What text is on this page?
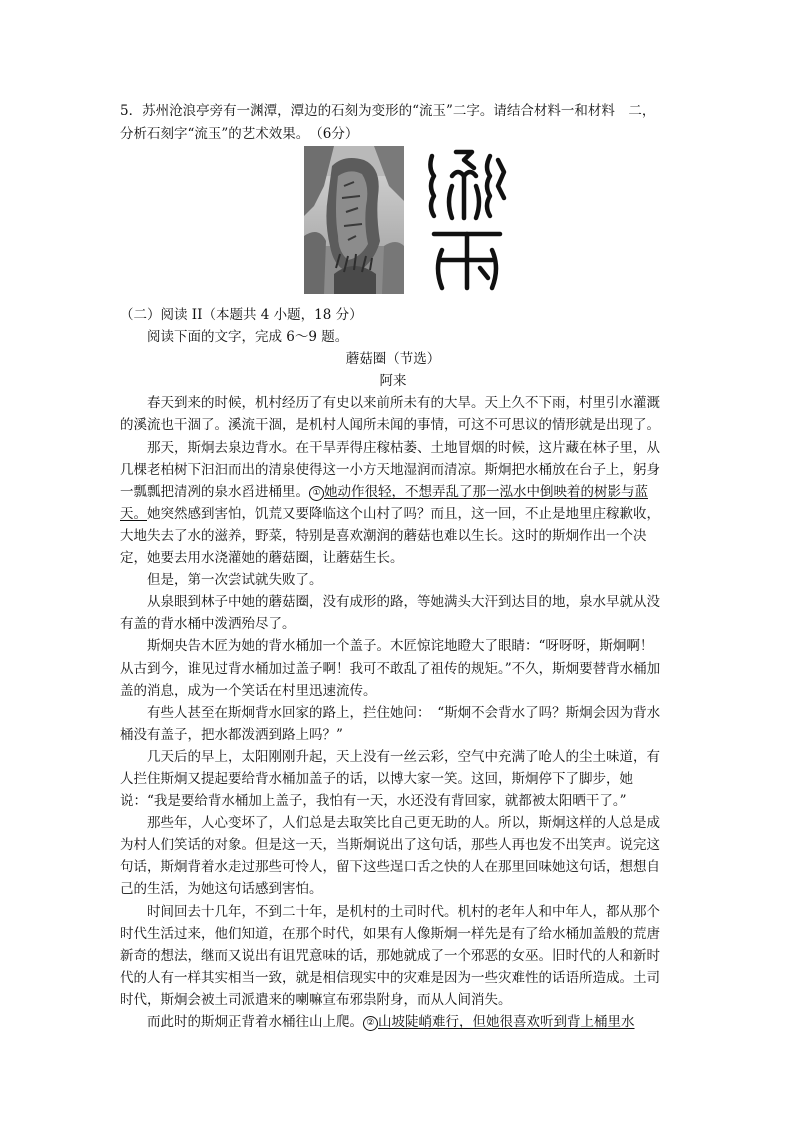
5．苏州沧浪亭旁有一渊潭，潭边的石刻为变形的“流玉”二字。请结合材料一和材料　二，
分析石刻字“流玉”的艺术效果。　（6分）

（二）阅读 II（本题共 4 小题，18 分）

阅读下面的文字，完成 6～9 题。

蘑菇圈（节选）

阿来

春天到来的时候，机村经历了有史以来前所未有的大旱。天上久不下雨，村里引水灌溉的溪流也干涸了。溪流干涸，是机村人闻所未闻的事情，可这不可思议的情形就是出现了。

那天，斯炯去泉边背水。在干旱弄得庄稼枯萎、土地冒烟的时候，这片藏在林子里，从几棵老柏树下汩汩而出的清泉使得这一小方天地湿润而清凉。斯炯把水桶放在台子上，躬身一瓢瓢把清冽的泉水舀进桶里。 ① 她动作很轻，不想弄乱了那一泓水中倒映着的树影与蓝天。她突然感到害怕，饥荒又要降临这个山村了吗？而且，这一回，不止是地里庄稼歉收，大地失去了水的滋养，野菜，特别是喜欢潮润的蘑菇也难以生长。这时的斯炯作出一个决定，她要去用水浇灌她的蘑菇圈，让蘑菇生长。

但是，第一次尝试就失败了。

从泉眼到林子中她的蘑菇圈，没有成形的路，等她满头大汗到达目的地，泉水早就从没有盖的背水桶中泼洒殆尽了。

斯炯央告木匠为她的背水桶加一个盖子。木匠惊诧地瞪大了眼睛：“呀呀呀，斯炯啊！从古到今，谁见过背水桶加过盖子啊！我可不敢乱了祖传的规矩。”不久，斯炯要替背水桶加盖的消息，成为一个笑话在村里迅速流传。

有些人甚至在斯炯背水回家的路上，拦住她问：　“斯炯不会背水了吗？斯炯会因为背水桶没有盖子，把水都泼洒到路上吗？”

几天后的早上，太阳刚刚升起，天上没有一丝云彩，空气中充满了呛人的尘土味道，有人拦住斯炯又提起要给背水桶加盖子的话，以博大家一笑。这回，斯炯停下了脚步，她说：“我是要给背水桶加上盖子，我怕有一天，水还没有背回家，就都被太阳晒干了。”

那些年，人心变坏了，人们总是去取笑比自己更无助的人。所以，斯炯这样的人总是成为村人们笑话的对象。但是这一天，当斯炯说出了这句话，那些人再也发不出笑声。说完这句话，斯炯背着水走过那些可怜人，留下这些逞口舌之快的人在那里回味她这句话，想想自己的生活，为她这句话感到害怕。

时间回去十几年，不到二十年，是机村的土司时代。机村的老年人和中年人，都从那个时代生活过来，他们知道，在那个时代，如果有人像斯炯一样先是有了给水桶加盖般的荒唐新奇的想法，继而又说出有诅咒意味的话，那她就成了一个邪恶的女巫。旧时代的人和新时代的人有一样其实相当一致，就是相信现实中的灾难是因为一些灾难性的话语所造成。土司时代，斯炯会被土司派遣来的喇嘛宣布邪祟附身，而从人间消失。

而此时的斯炯正背着水桶往山上爬。 ② 山坡陡峭难行，但她很喜欢听到背上桶里水
